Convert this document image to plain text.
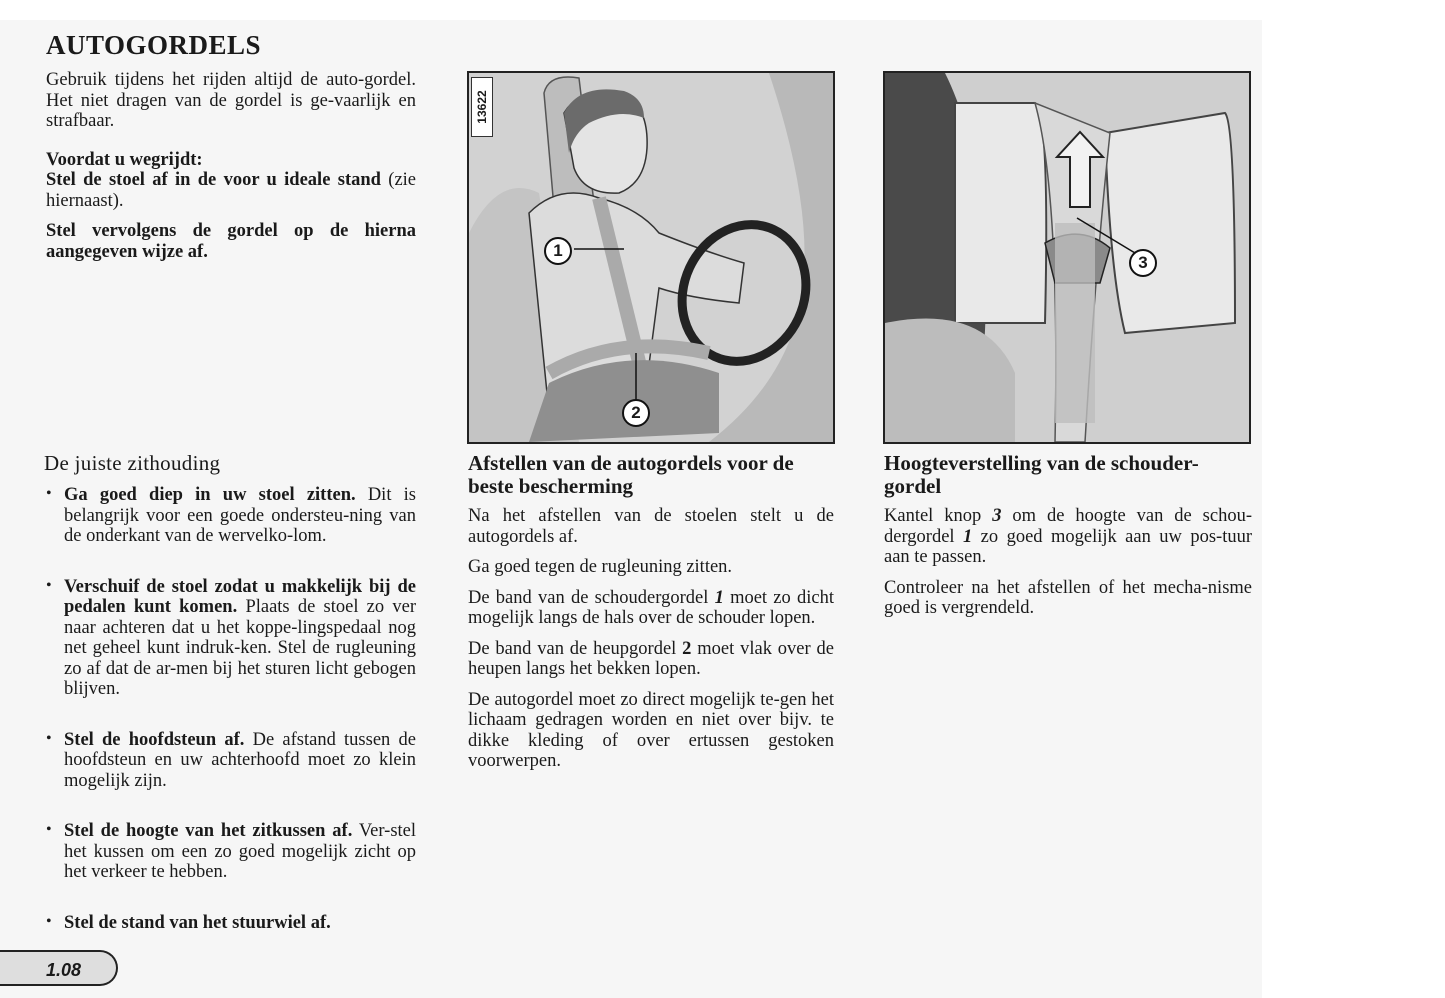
AUTOGORDELS

Gebruik tijdens het rijden altijd de auto-gordel. Het niet dragen van de gordel is ge-vaarlijk en strafbaar.

Voordat u wegrijdt:

Stel de stoel af in de voor u ideale stand (zie hiernaast).

Stel vervolgens de gordel op de hierna aangegeven wijze af.

De juiste zithouding
• Ga goed diep in uw stoel zitten. Dit is belangrijk voor een goede ondersteu-ning van de onderkant van de wervelko-lom.

• Verschuif de stoel zodat u makkelijk bij de pedalen kunt komen. Plaats de stoel zo ver naar achteren dat u het koppe-lingspedaal nog net geheel kunt indruk-ken. Stel de rugleuning zo af dat de ar-men bij het sturen licht gebogen blijven.

• Stel de hoofdsteun af. De afstand tussen de hoofdsteun en uw achterhoofd moet zo klein mogelijk zijn.

• Stel de hoogte van het zitkussen af. Ver-stel het kussen om een zo goed mogelijk zicht op het verkeer te hebben.

• Stel de stand van het stuurwiel af.

13622
1
2
3
Afstellen van de autogordels voor de beste bescherming

Na het afstellen van de stoelen stelt u de autogordels af.

Ga goed tegen de rugleuning zitten.

De band van de schoudergordel 1 moet zo dicht mogelijk langs de hals over de schouder lopen.

De band van de heupgordel 2 moet vlak over de heupen langs het bekken lopen.

De autogordel moet zo direct mogelijk te-gen het lichaam gedragen worden en niet over bijv. te dikke kleding of over ertussen gestoken voorwerpen.

Hoogteverstelling van de schouder-gordel

Kantel knop 3 om de hoogte van de schou-dergordel 1 zo goed mogelijk aan uw pos-tuur aan te passen.

Controleer na het afstellen of het mecha-nisme goed is vergrendeld.

1.08
